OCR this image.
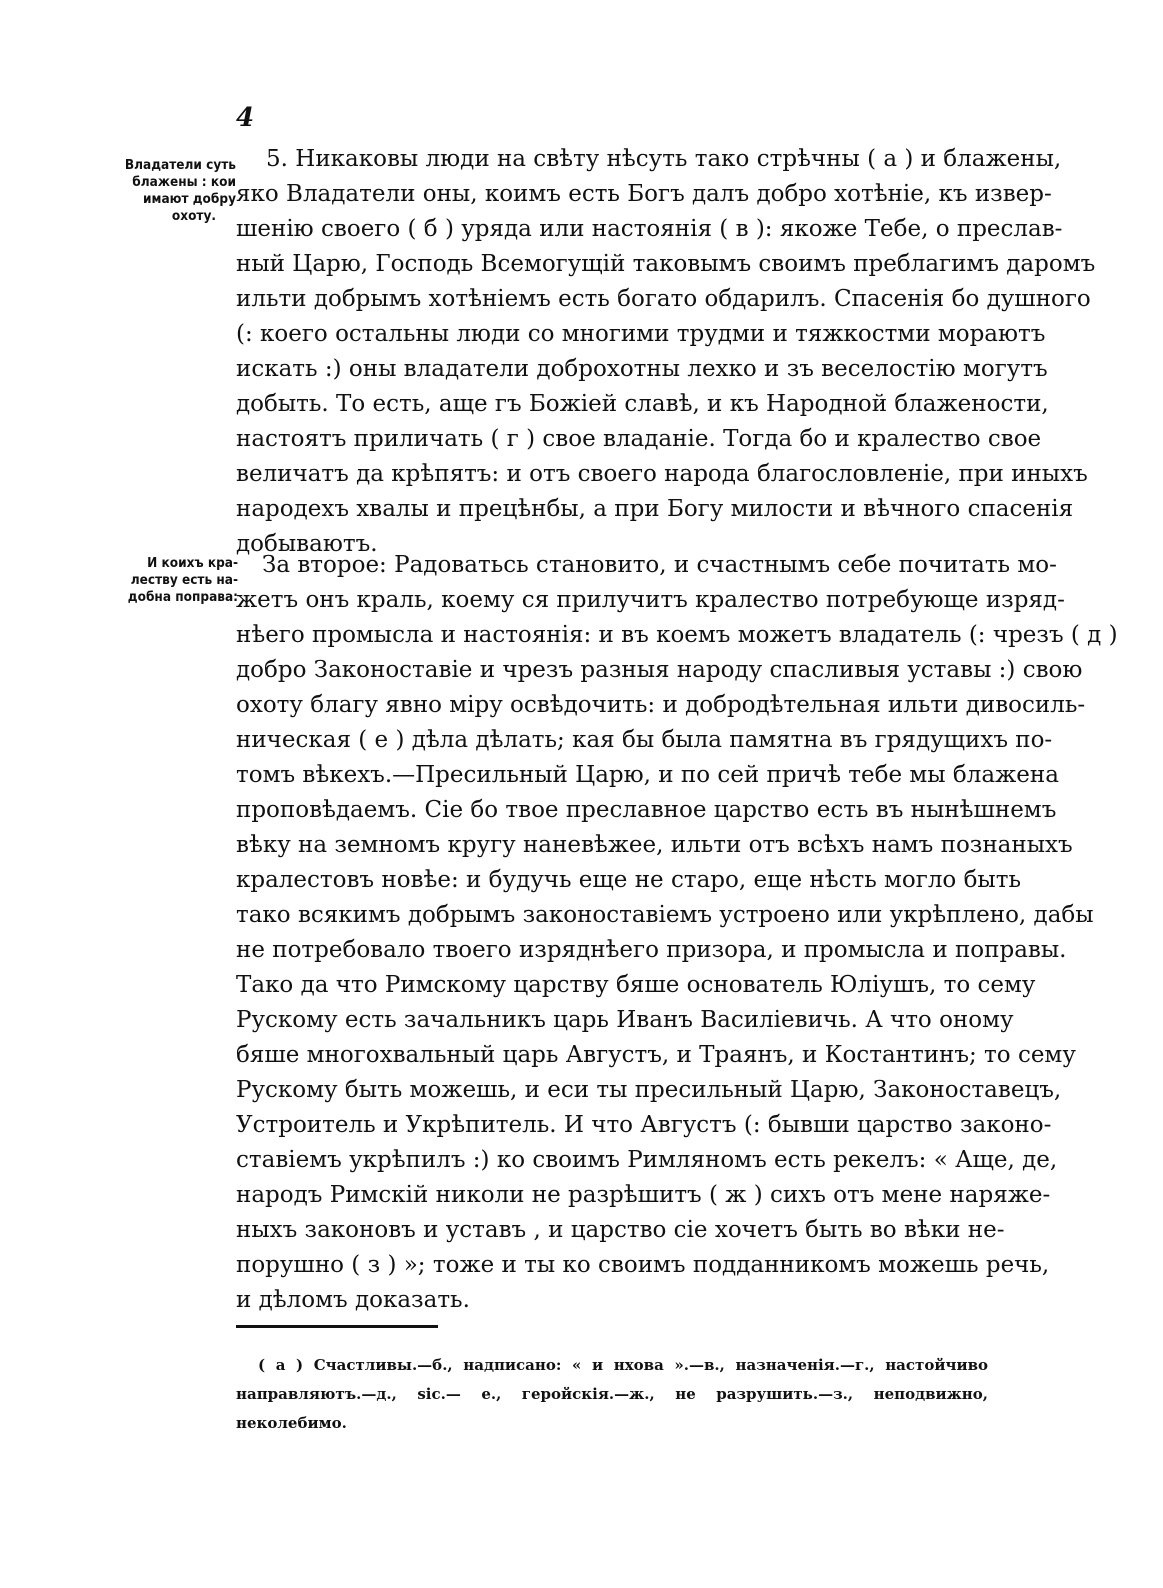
4
Владатели суть
блажены : кои
имают добру
охоту.
И коихъ кра-
леству есть на-
добна поправа:
5. Никаковы люди на свѣту нѣсуть тако стрѣчны ( а ) и блажены,
яко Владатели оны, коимъ есть Богъ далъ добро хотѣніе, къ извер-
шенію своего ( б ) уряда или настоянія ( в ): якоже Тебе, о преслав-
ный Царю, Господь Всемогущій таковымъ своимъ преблагимъ даромъ
ильти добрымъ хотѣніемъ есть богато обдарилъ. Спасенія бо душного
(: коего остальны люди со многими трудми и тяжкостми мораютъ
искать :) оны владатели доброхотны лехко и зъ веселостію могутъ
добыть. То есть, аще гъ Божіей славѣ, и къ Народной блажености,
настоятъ приличать ( г ) свое владаніе. Тогда бо и кралество свое
величатъ да крѣпятъ: и отъ своего народа благословленіе, при иныхъ
народехъ хвалы и прецѣнбы, а при Богу милости и вѣчного спасенія
добываютъ.
За второе: Радоватьсь становито, и счастнымъ себе почитать мо-
жетъ онъ краль, коему ся прилучитъ кралество потребующе изряд-
нѣего промысла и настоянія: и въ коемъ можетъ владатель (: чрезъ ( д )
добро Законоставіе и чрезъ разныя народу спасливыя уставы :) свою
охоту благу явно міру освѣдочить: и добродѣтельная ильти дивосиль-
ническая ( е ) дѣла дѣлать; кая бы была памятна въ грядущихъ по-
томъ вѣкехъ.—Пресильный Царю, и по сей причѣ тебе мы блажена
проповѣдаемъ. Сіе бо твое преславное царство есть въ нынѣшнемъ
вѣку на земномъ кругу наневѣжее, ильти отъ всѣхъ намъ познаныхъ
кралестовъ новѣе: и будучь еще не старо, еще нѣсть могло быть
тако всякимъ добрымъ законоставіемъ устроено или укрѣплено, дабы
не потребовало твоего изряднѣего призора, и промысла и поправы.
Тако да что Римскому царству бяше основатель Юліушъ, то сему
Рускому есть зачальникъ царь Иванъ Василіевичь. А что оному
бяше многохвальный царь Августъ, и Траянъ, и Костантинъ; то сему
Рускому быть можешь, и еси ты пресильный Царю, Законоставецъ,
Устроитель и Укрѣпитель. И что Августъ (: бывши царство законо-
ставіемъ укрѣпилъ :) ко своимъ Римляномъ есть рекелъ: « Аще, де,
народъ Римскій николи не разрѣшитъ ( ж ) сихъ отъ мене наряже-
ныхъ законовъ и уставъ , и царство сіе хочетъ быть во вѣки не-
порушно ( з ) »; тоже и ты ко своимъ подданникомъ можешь речь,
и дѣломъ доказать.
( а ) Счастливы.—б., надписано: « и нхова ».—в., назначенія.—г., настойчиво
направляютъ.—д., sic.— е., геройскія.—ж., не разрушить.—з., неподвижно,
неколебимо.
